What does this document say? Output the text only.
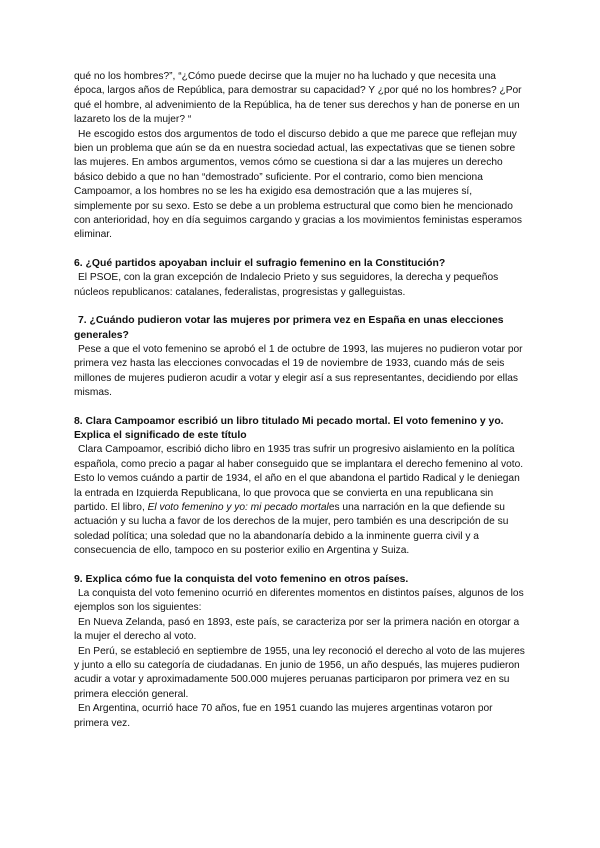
qué no los hombres?”, “¿Cómo puede decirse que la mujer no ha luchado y que necesita una época, largos años de República, para demostrar su capacidad? Y ¿por qué no los hombres? ¿Por qué el hombre, al advenimiento de la República, ha de tener sus derechos y han de ponerse en un lazareto los de la mujer? “

He escogido estos dos argumentos de todo el discurso debido a que me parece que reflejan muy bien un problema que aún se da en nuestra sociedad actual, las expectativas que se tienen sobre las mujeres. En ambos argumentos, vemos cómo se cuestiona si dar a las mujeres un derecho básico debido a que no han “demostrado” suficiente. Por el contrario, como bien menciona Campoamor, a los hombres no se les ha exigido esa demostración que a las mujeres sí, simplemente por su sexo. Esto se debe a un problema estructural que como bien he mencionado con anterioridad, hoy en día seguimos cargando y gracias a los movimientos feministas esperamos eliminar.

6. ¿Qué partidos apoyaban incluir el sufragio femenino en la Constitución?

El PSOE, con la gran excepción de Indalecio Prieto y sus seguidores, la derecha y pequeños núcleos republicanos: catalanes, federalistas, progresistas y galleguistas.

7. ¿Cuándo pudieron votar las mujeres por primera vez en España en unas elecciones generales?

Pese a que el voto femenino se aprobó el 1 de octubre de 1993, las mujeres no pudieron votar por primera vez hasta las elecciones convocadas el 19 de noviembre de 1933, cuando más de seis millones de mujeres pudieron acudir a votar y elegir así a sus representantes, decidiendo por ellas mismas.

8. Clara Campoamor escribió un libro titulado Mi pecado mortal. El voto femenino y yo. Explica el significado de este título

Clara Campoamor, escribió dicho libro en 1935 tras sufrir un progresivo aislamiento en la política española, como precio a pagar al haber conseguido que se implantara el derecho femenino al voto. Esto lo vemos cuándo a partir de 1934, el año en el que abandona el partido Radical y le deniegan la entrada en Izquierda Republicana, lo que provoca que se convierta en una republicana sin partido. El libro, El voto femenino y yo: mi pecado mortales una narración en la que defiende su actuación y su lucha a favor de los derechos de la mujer, pero también es una descripción de su soledad política; una soledad que no la abandonaría debido a la inminente guerra civil y a consecuencia de ello, tampoco en su posterior exilio en Argentina y Suiza.

9. Explica cómo fue la conquista del voto femenino en otros países.

La conquista del voto femenino ocurrió en diferentes momentos en distintos países, algunos de los ejemplos son los siguientes:

En Nueva Zelanda, pasó en 1893, este país, se caracteriza por ser la primera nación en otorgar a la mujer el derecho al voto.

En Perú, se estableció en septiembre de 1955, una ley reconoció el derecho al voto de las mujeres y junto a ello su categoría de ciudadanas. En junio de 1956, un año después, las mujeres pudieron acudir a votar y aproximadamente 500.000 mujeres peruanas participaron por primera vez en su primera elección general.

En Argentina, ocurrió hace 70 años, fue en 1951 cuando las mujeres argentinas votaron por primera vez.
